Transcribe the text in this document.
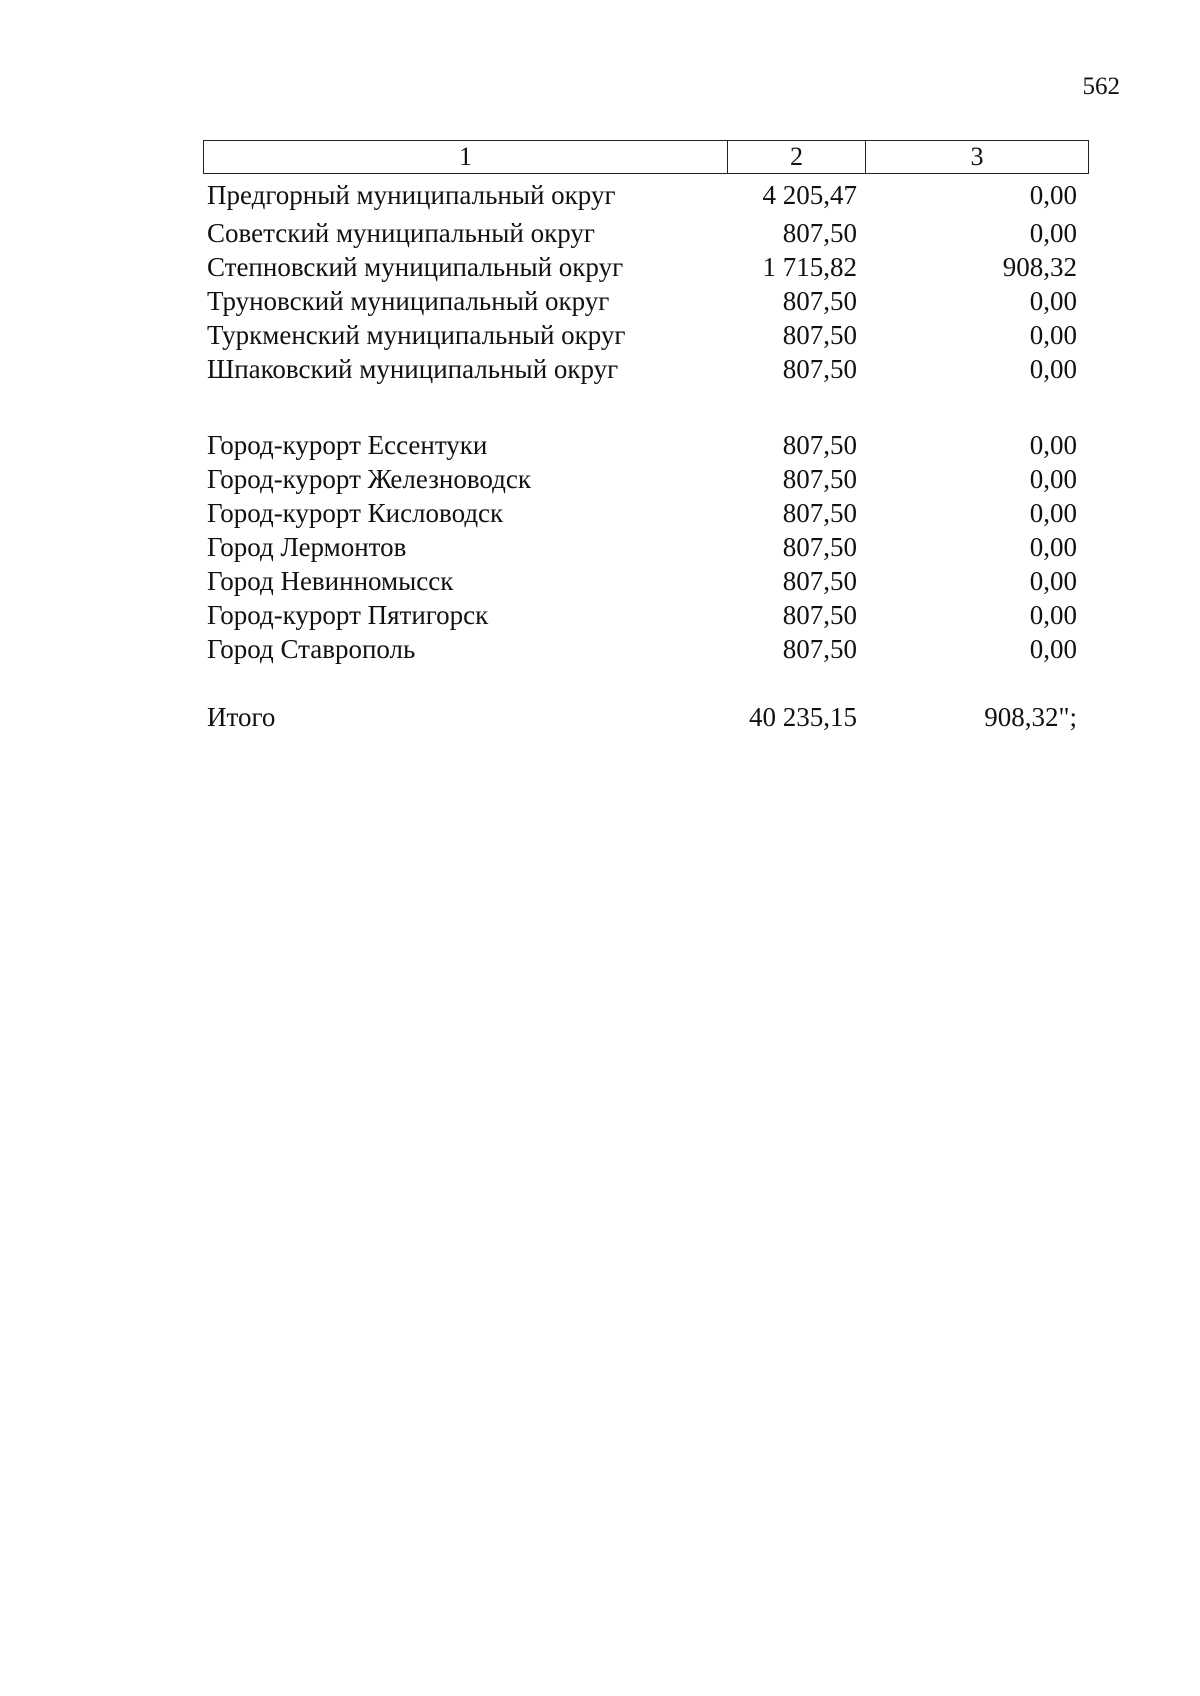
562
1	2	3
Предгорный муниципальный округ	4 205,47	0,00
Советский муниципальный округ	807,50	0,00
Степновский муниципальный округ	1 715,82	908,32
Труновский муниципальный округ	807,50	0,00
Туркменский муниципальный округ	807,50	0,00
Шпаковский муниципальный округ	807,50	0,00
Город-курорт Ессентуки	807,50	0,00
Город-курорт Железноводск	807,50	0,00
Город-курорт Кисловодск	807,50	0,00
Город Лермонтов	807,50	0,00
Город Невинномысск	807,50	0,00
Город-курорт Пятигорск	807,50	0,00
Город Ставрополь	807,50	0,00
Итого	40 235,15	908,32";
